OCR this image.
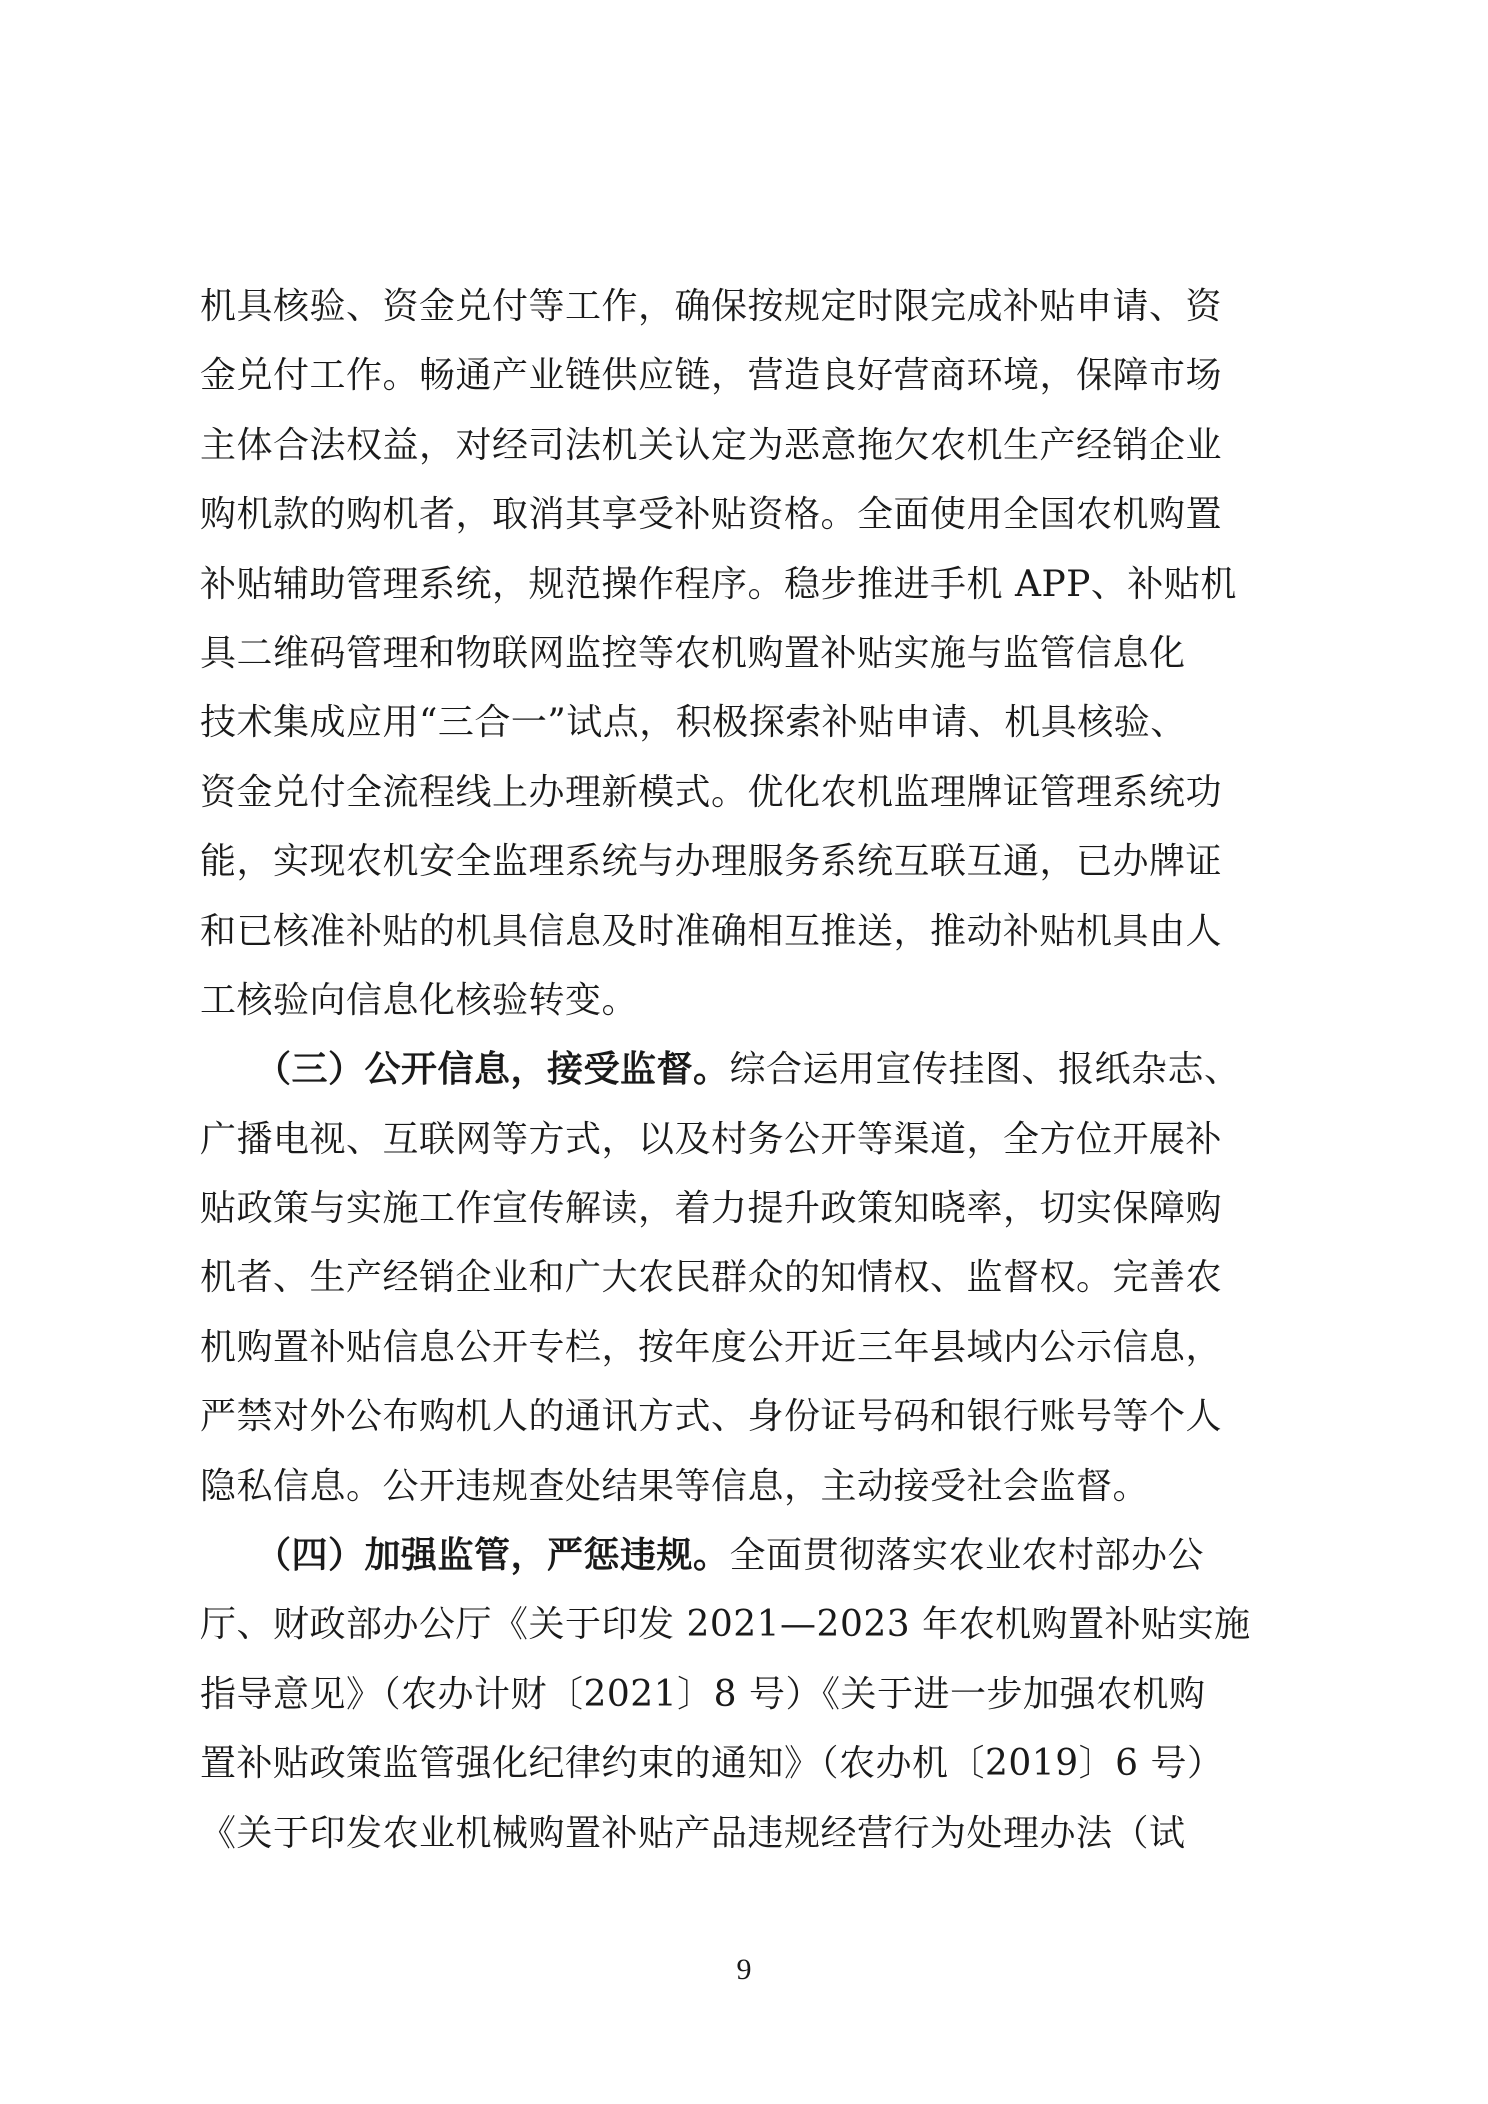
机具核验、资金兑付等工作，确保按规定时限完成补贴申请、资
金兑付工作。畅通产业链供应链，营造良好营商环境，保障市场
主体合法权益，对经司法机关认定为恶意拖欠农机生产经销企业
购机款的购机者，取消其享受补贴资格。全面使用全国农机购置
补贴辅助管理系统，规范操作程序。稳步推进手机 APP、补贴机
具二维码管理和物联网监控等农机购置补贴实施与监管信息化
技术集成应用“三合一”试点，积极探索补贴申请、机具核验、
资金兑付全流程线上办理新模式。优化农机监理牌证管理系统功
能，实现农机安全监理系统与办理服务系统互联互通，已办牌证
和已核准补贴的机具信息及时准确相互推送，推动补贴机具由人
工核验向信息化核验转变。
　　（三）公开信息，接受监督。综合运用宣传挂图、报纸杂志、
广播电视、互联网等方式，以及村务公开等渠道，全方位开展补
贴政策与实施工作宣传解读，着力提升政策知晓率，切实保障购
机者、生产经销企业和广大农民群众的知情权、监督权。完善农
机购置补贴信息公开专栏，按年度公开近三年县域内公示信息，
严禁对外公布购机人的通讯方式、身份证号码和银行账号等个人
隐私信息。公开违规查处结果等信息，主动接受社会监督。
　　（四）加强监管，严惩违规。全面贯彻落实农业农村部办公
厅、财政部办公厅《关于印发 2021—2023 年农机购置补贴实施
指导意见》（农办计财〔2021〕8 号）《关于进一步加强农机购
置补贴政策监管强化纪律约束的通知》（农办机〔2019〕6 号）
《关于印发农业机械购置补贴产品违规经营行为处理办法（试
9
